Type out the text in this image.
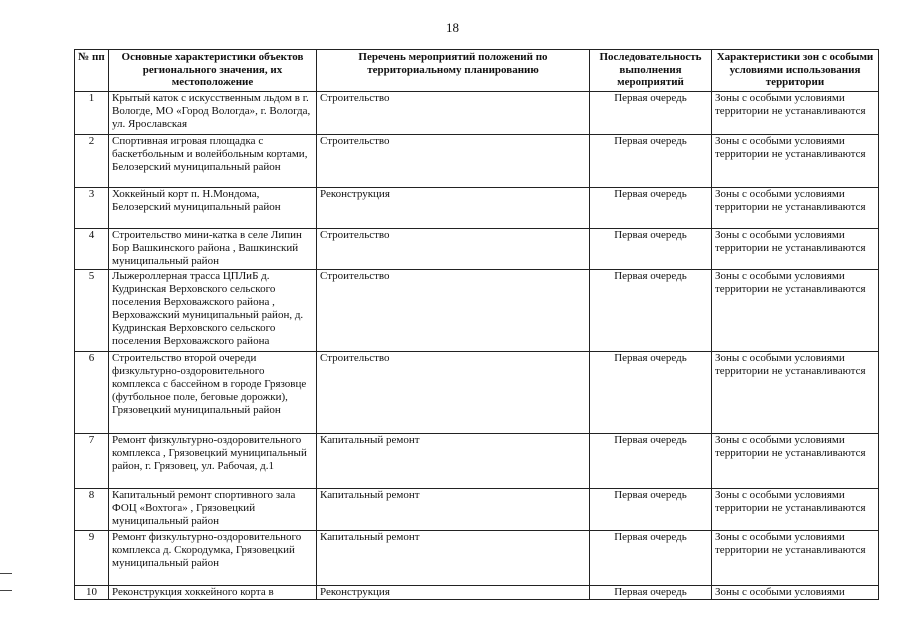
18
№ пп	Основные характеристики объектов регионального значения, их местоположение	Перечень мероприятий положений по территориальному планированию	Последовательность выполнения мероприятий	Характеристики зон с особыми условиями использования территории
1	Крытый каток с искусственным льдом в г. Вологде, МО «Город Вологда», г. Вологда, ул. Ярославская	Строительство	Первая очередь	Зоны с особыми условиями территории не устанавливаются
2	Спортивная игровая площадка с баскетбольным и волейбольным кортами, Белозерский муниципальный район	Строительство	Первая очередь	Зоны с особыми условиями территории не устанавливаются
3	Хоккейный корт п. Н.Мондома, Белозерский муниципальный район	Реконструкция	Первая очередь	Зоны с особыми условиями территории не устанавливаются
4	Строительство мини-катка в селе Липин Бор Вашкинского района , Вашкинский муниципальный район	Строительство	Первая очередь	Зоны с особыми условиями территории не устанавливаются
5	Лыжероллерная трасса ЦПЛиБ д. Кудринская Верховского сельского поселения Верховажского района , Верховажский муниципальный район, д. Кудринская Верховского сельского поселения Верховажского района	Строительство	Первая очередь	Зоны с особыми условиями территории не устанавливаются
6	Строительство второй очереди физкультурно-оздоровительного комплекса с бассейном в городе Грязовце (футбольное поле, беговые дорожки), Грязовецкий муниципальный район	Строительство	Первая очередь	Зоны с особыми условиями территории не устанавливаются
7	Ремонт физкультурно-оздоровительного комплекса , Грязовецкий муниципальный район, г. Грязовец, ул. Рабочая, д.1	Капитальный ремонт	Первая очередь	Зоны с особыми условиями территории не устанавливаются
8	Капитальный ремонт спортивного зала ФОЦ «Вохтога» , Грязовецкий муниципальный район	Капитальный ремонт	Первая очередь	Зоны с особыми условиями территории не устанавливаются
9	Ремонт физкультурно-оздоровительного комплекса д. Скородумка, Грязовецкий муниципальный район	Капитальный ремонт	Первая очередь	Зоны с особыми условиями территории не устанавливаются
10	Реконструкция хоккейного корта в	Реконструкция	Первая очередь	Зоны с особыми условиями
